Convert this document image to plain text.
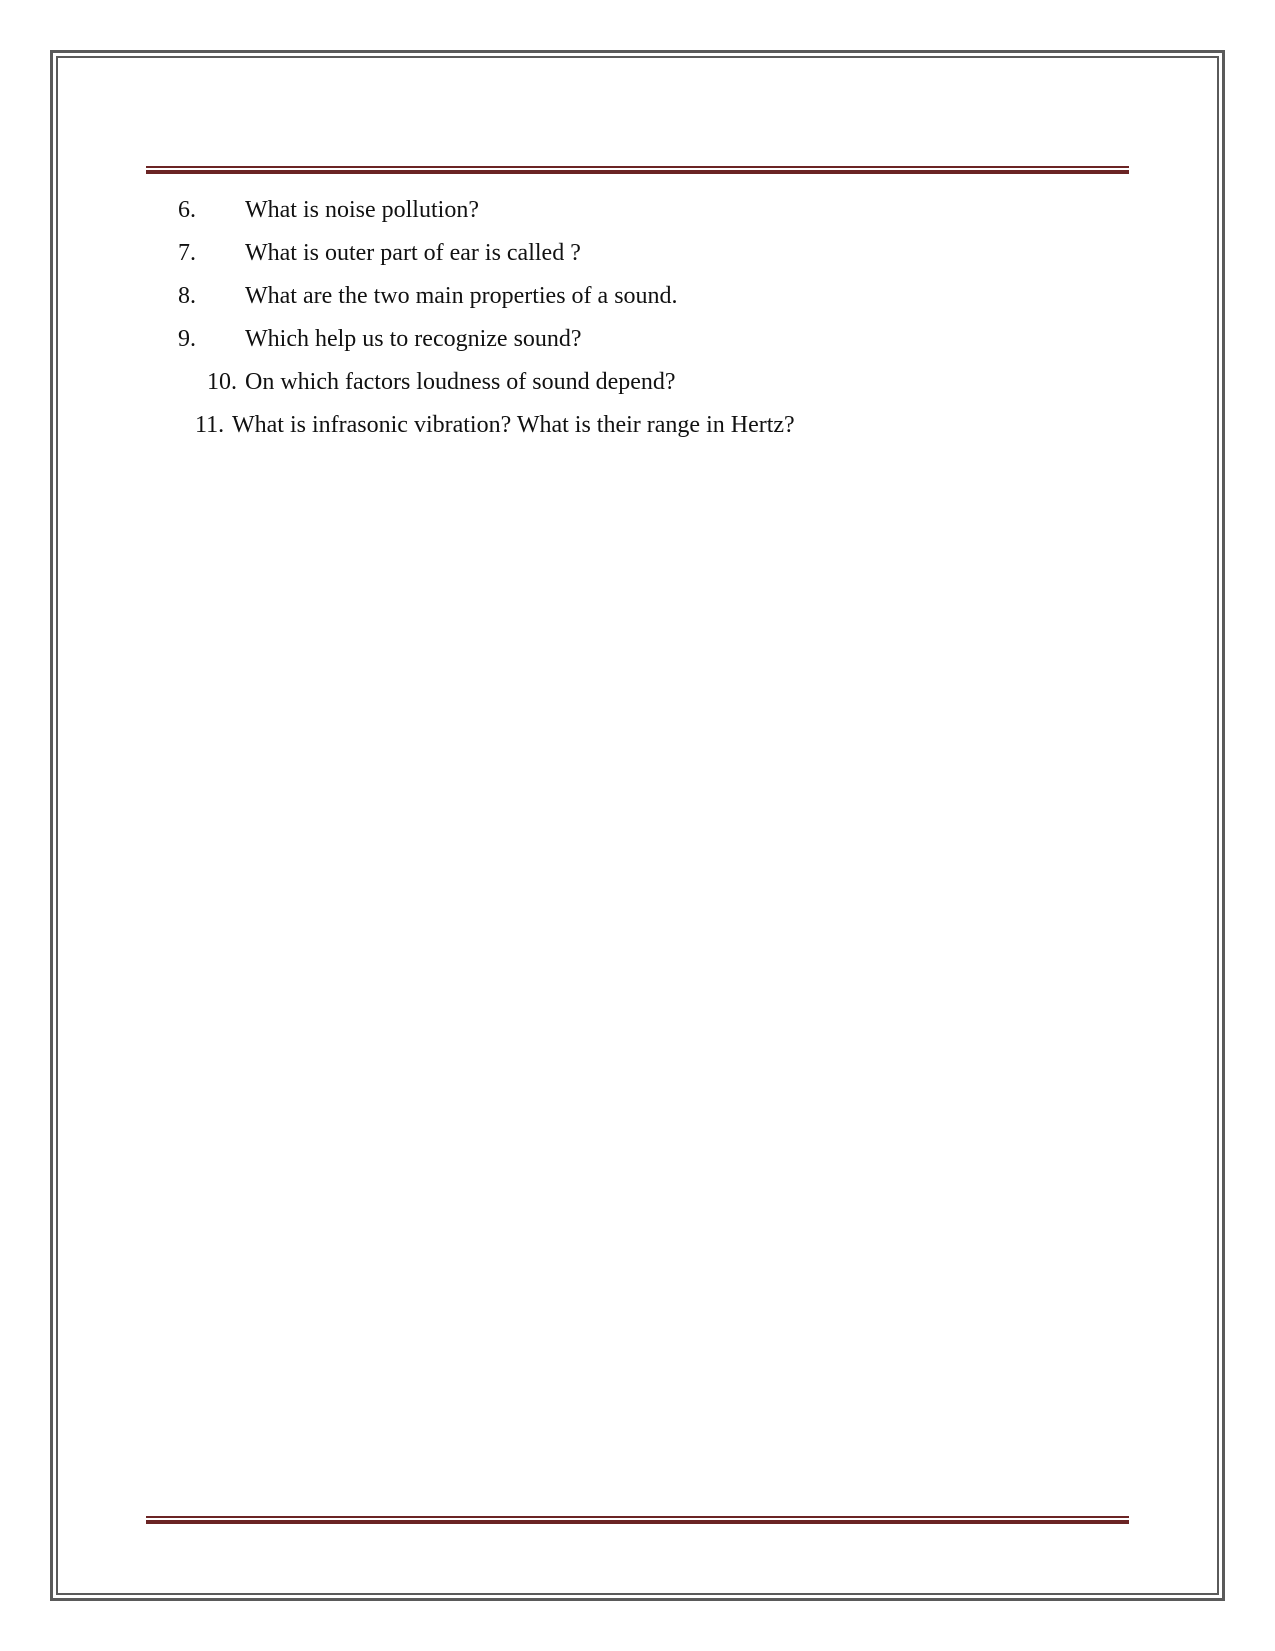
6. What is noise pollution?
7. What is outer part of ear is called ?
8. What are the two main properties of a sound.
9. Which help us to recognize sound?
10. On which factors loudness of sound depend?
11. What is infrasonic vibration? What is their range in Hertz?
